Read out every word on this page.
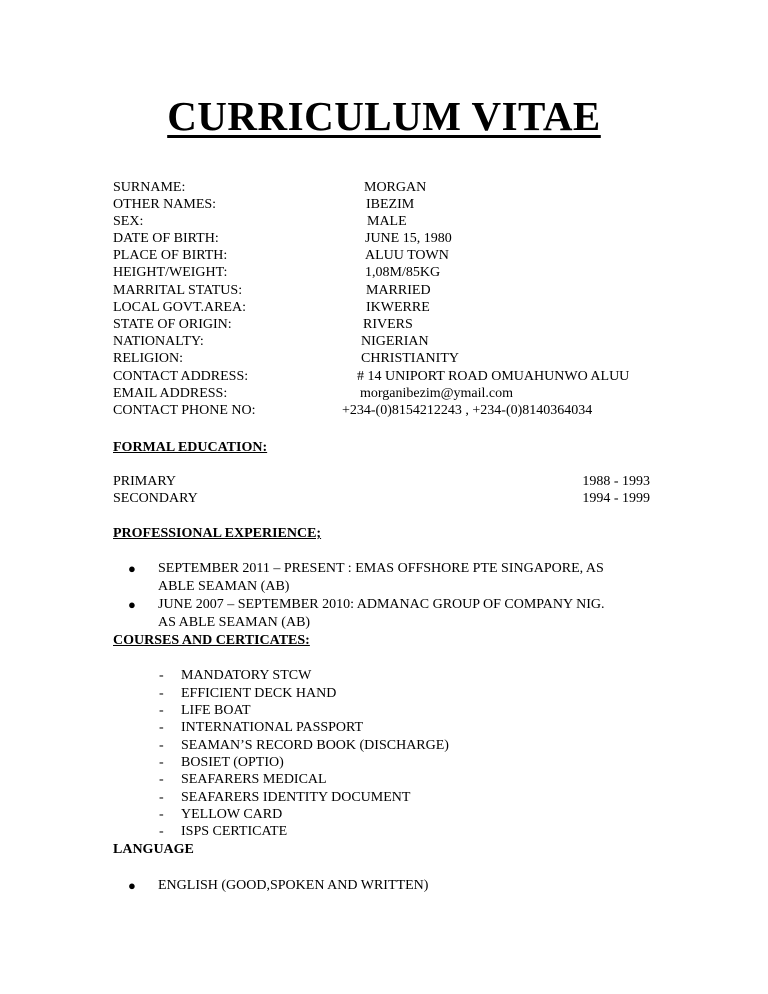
CURRICULUM VITAE
SURNAME:	MORGAN
OTHER NAMES:	IBEZIM
SEX:	MALE
DATE OF BIRTH:	JUNE 15, 1980
PLACE OF BIRTH:	ALUU TOWN
HEIGHT/WEIGHT:	1,08M/85KG
MARRITAL STATUS:	MARRIED
LOCAL GOVT.AREA:	IKWERRE
STATE OF ORIGIN:	RIVERS
NATIONALTY:	NIGERIAN
RELIGION:	CHRISTIANITY
CONTACT ADDRESS:	# 14 UNIPORT ROAD OMUAHUNWO ALUU
EMAIL ADDRESS:	morganibezim@ymail.com
CONTACT PHONE NO:	+234-(0)8154212243 , +234-(0)8140364034
FORMAL EDUCATION:
PRIMARY	1988 - 1993
SECONDARY	1994 - 1999
PROFESSIONAL EXPERIENCE;
● SEPTEMBER 2011 – PRESENT : EMAS OFFSHORE PTE SINGAPORE, AS
ABLE SEAMAN (AB)
● JUNE 2007 – SEPTEMBER 2010: ADMANAC GROUP OF COMPANY NIG.
AS ABLE SEAMAN (AB)
COURSES AND CERTICATES:
- MANDATORY STCW
- EFFICIENT DECK HAND
- LIFE BOAT
- INTERNATIONAL PASSPORT
- SEAMAN’S RECORD BOOK (DISCHARGE)
- BOSIET (OPTIO)
- SEAFARERS MEDICAL
- SEAFARERS IDENTITY DOCUMENT
- YELLOW CARD
- ISPS CERTICATE
LANGUAGE
● ENGLISH (GOOD,SPOKEN AND WRITTEN)
